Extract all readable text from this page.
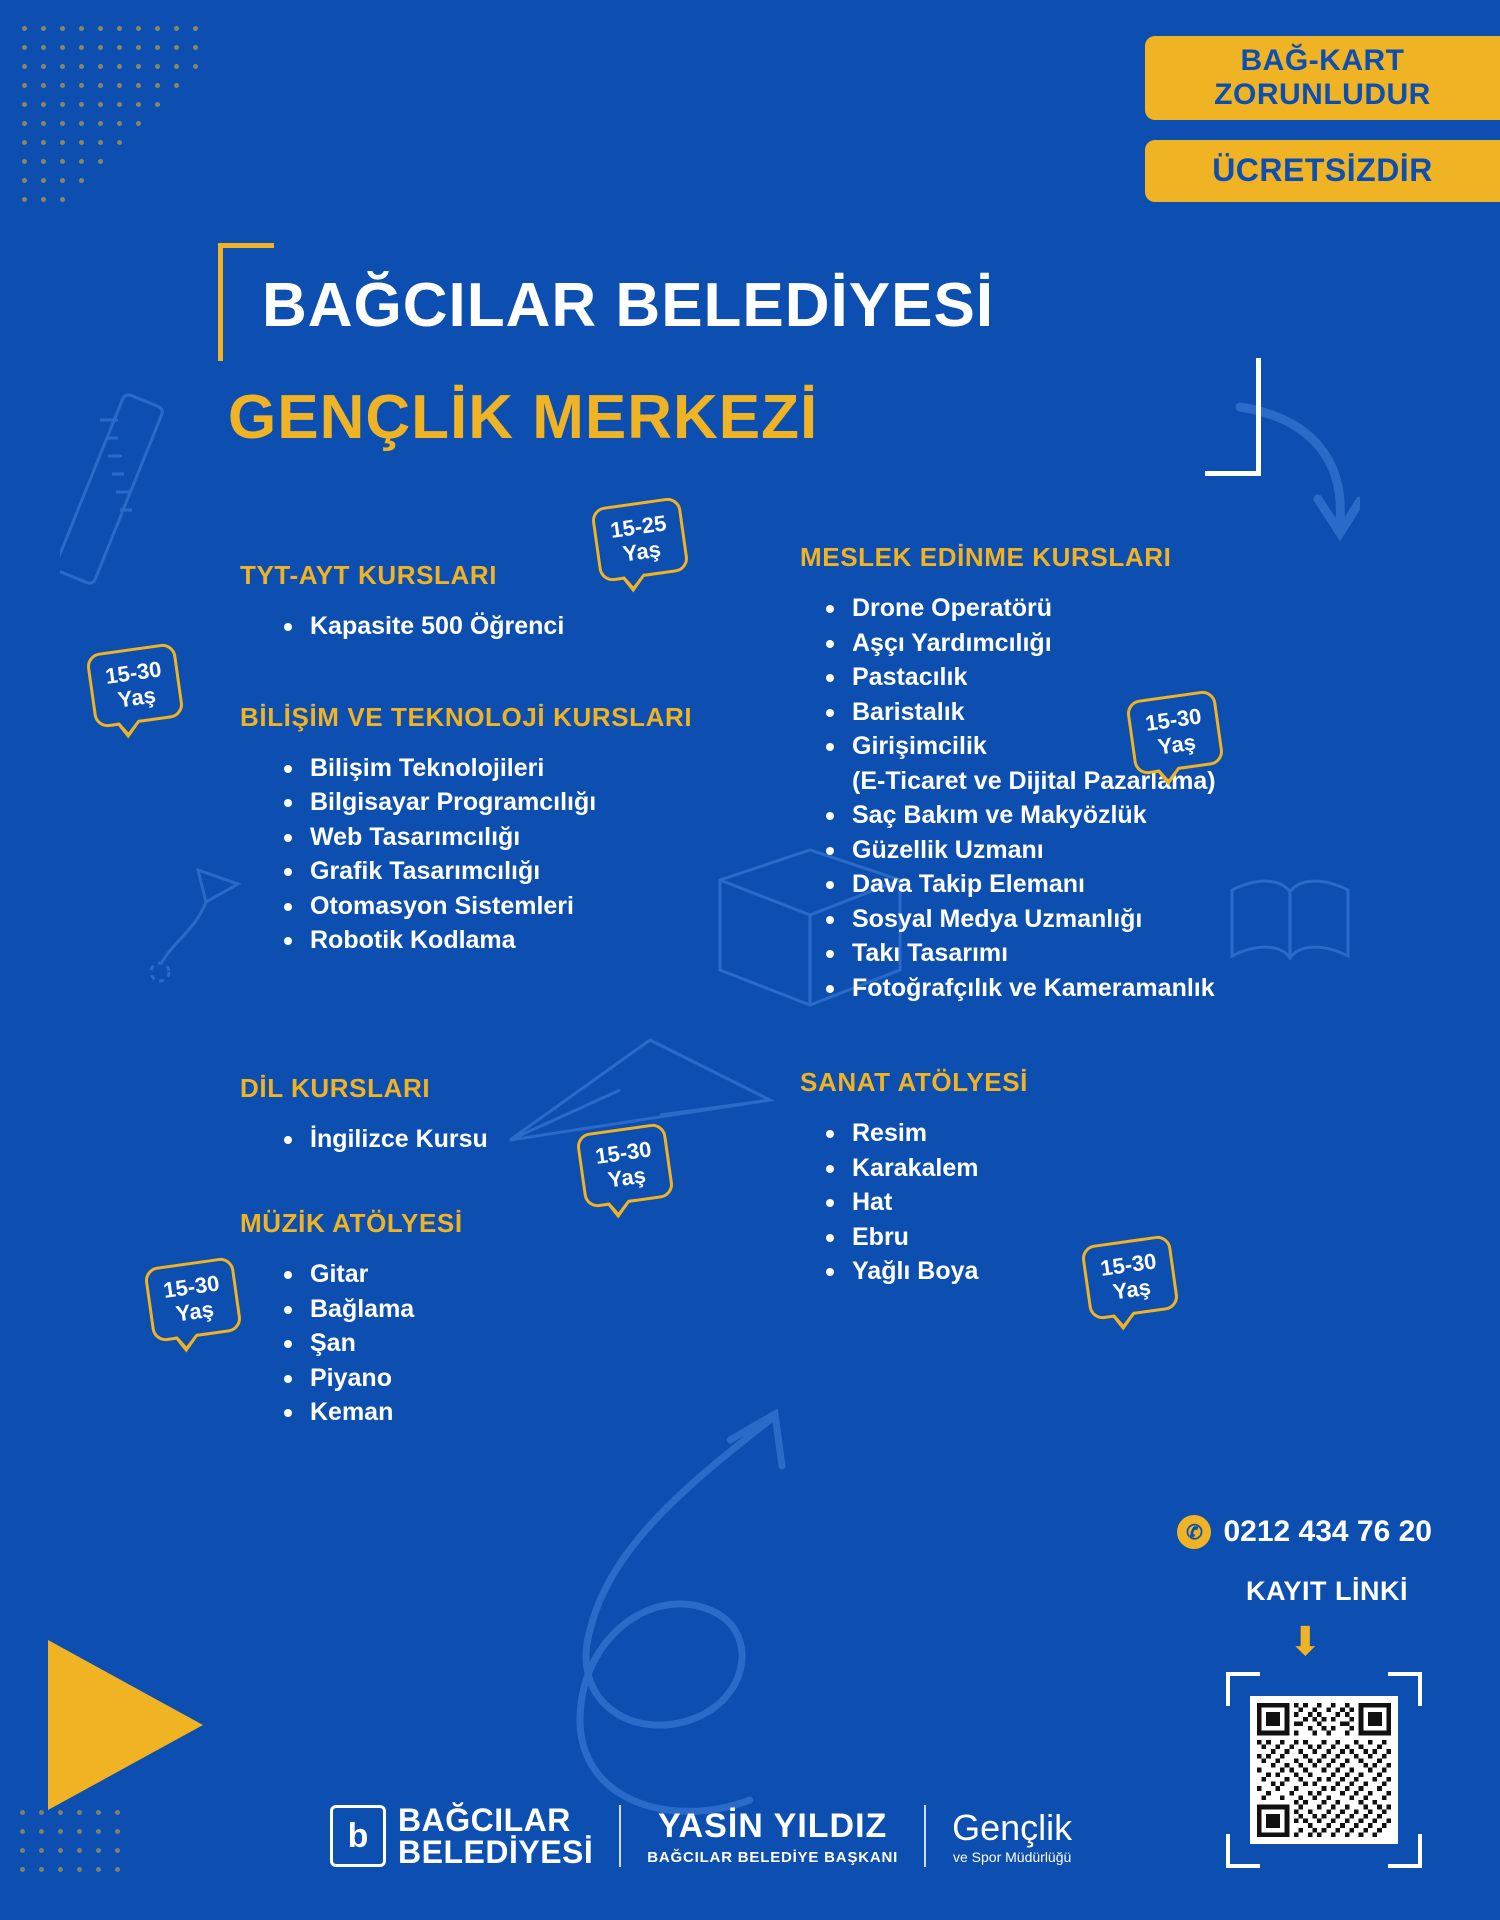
BAĞ-KART ZORUNLUDUR
ÜCRETSİZDİR
BAĞCILAR BELEDİYESİ
GENÇLİK MERKEZİ
TYT-AYT KURSLARI
Kapasite 500 Öğrenci
BİLİŞİM VE TEKNOLOJİ KURSLARI
Bilişim Teknolojileri
Bilgisayar Programcılığı
Web Tasarımcılığı
Grafik Tasarımcılığı
Otomasyon Sistemleri
Robotik Kodlama
DİL KURSLARI
İngilizce Kursu
MÜZİK ATÖLYESİ
Gitar
Bağlama
Şan
Piyano
Keman
MESLEK EDİNME KURSLARI
Drone Operatörü
Aşçı Yardımcılığı
Pastacılık
Baristalık
Girişimcilik
(E-Ticaret ve Dijital Pazarlama)
Saç Bakım ve Makyözlük
Güzellik Uzmanı
Dava Takip Elemanı
Sosyal Medya Uzmanlığı
Takı Tasarımı
Fotoğrafçılık ve Kameramanlık
SANAT ATÖLYESİ
Resim
Karakalem
Hat
Ebru
Yağlı Boya
15-25
Yaş
15-30
Yaş
15-30
Yaş
15-30
Yaş
15-30
Yaş
15-30
Yaş
✆ 0212 434 76 20
KAYIT LİNKİ
⬇
b BAĞCILAR
BELEDİYESİ
YASİN YILDIZ
BAĞCILAR BELEDİYE BAŞKANI
Gençlik
ve Spor Müdürlüğü
